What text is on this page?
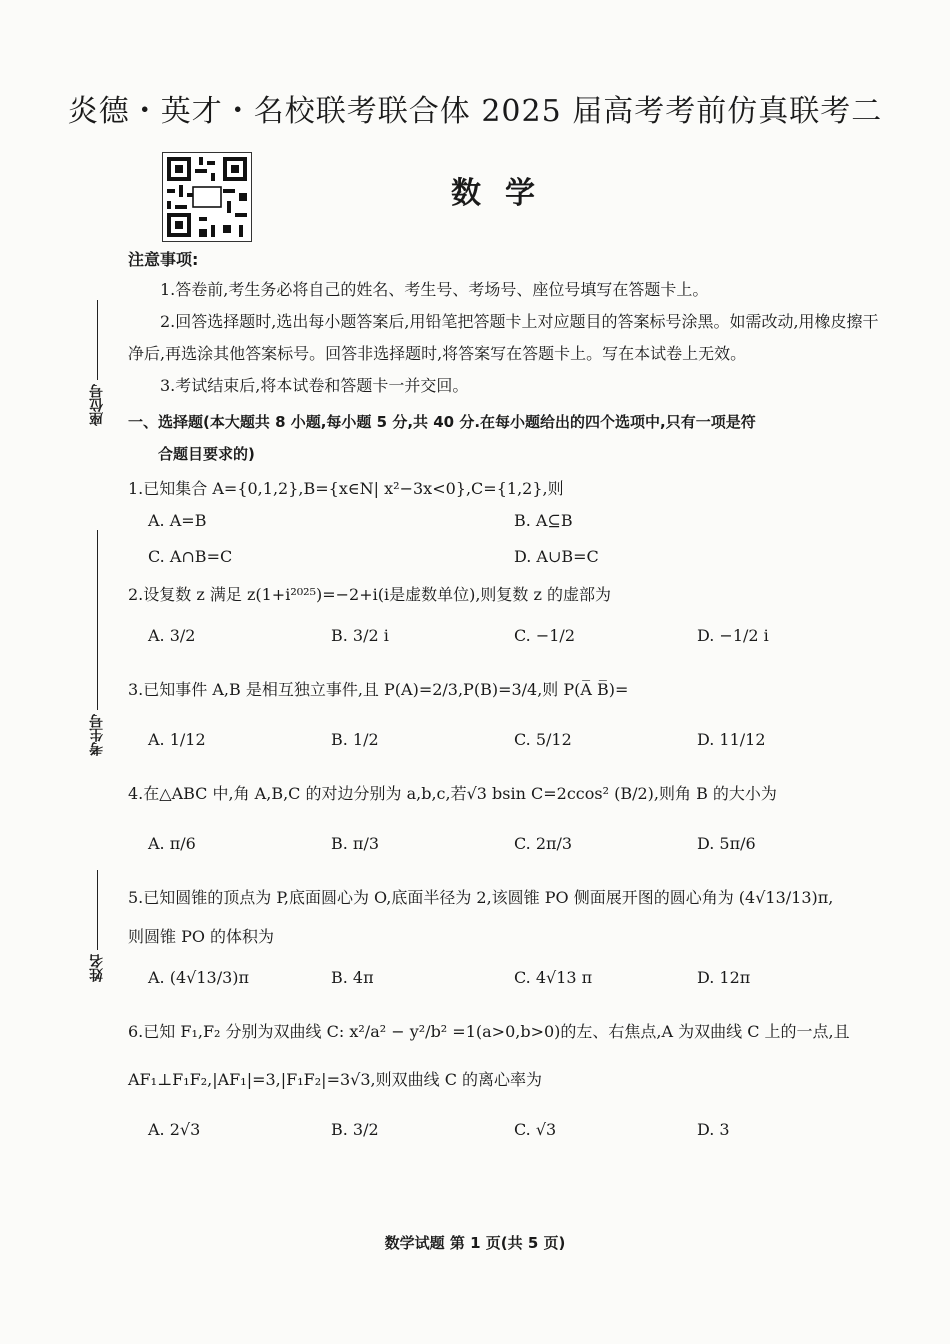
炎德・英才・名校联考联合体 2025 届高考考前仿真联考二
数学
座位号
考生号
姓名
注意事项:
1.答卷前,考生务必将自己的姓名、考生号、考场号、座位号填写在答题卡上。
2.回答选择题时,选出每小题答案后,用铅笔把答题卡上对应题目的答案标号涂黑。如需改动,用橡皮擦干净后,再选涂其他答案标号。回答非选择题时,将答案写在答题卡上。写在本试卷上无效。
3.考试结束后,将本试卷和答题卡一并交回。
一、选择题(本大题共 8 小题,每小题 5 分,共 40 分.在每小题给出的四个选项中,只有一项是符
合题目要求的)
1.已知集合 A={0,1,2},B={x∈N| x²−3x<0},C={1,2},则
A. A=B	B. A⊆B
C. A∩B=C	D. A∪B=C
2.设复数 z 满足 z(1+i²⁰²⁵)=−2+i(i是虚数单位),则复数 z 的虚部为
A. 3/2	B. 3/2 i	C. −1/2	D. −1/2 i
3.已知事件 A,B 是相互独立事件,且 P(A)=2/3,P(B)=3/4,则 P(A̅ B̅)=
A. 1/12	B. 1/2	C. 5/12	D. 11/12
4.在△ABC 中,角 A,B,C 的对边分别为 a,b,c,若√3 bsin C=2ccos² (B/2),则角 B 的大小为
A. π/6	B. π/3	C. 2π/3	D. 5π/6
5.已知圆锥的顶点为 P,底面圆心为 O,底面半径为 2,该圆锥 PO 侧面展开图的圆心角为 (4√13/13)π,
则圆锥 PO 的体积为
A. (4√13/3)π	B. 4π	C. 4√13 π	D. 12π
6.已知 F₁,F₂ 分别为双曲线 C: x²/a² − y²/b² =1(a>0,b>0)的左、右焦点,A 为双曲线 C 上的一点,且
AF₁⊥F₁F₂,|AF₁|=3,|F₁F₂|=3√3,则双曲线 C 的离心率为
A. 2√3	B. 3/2	C. √3	D. 3
数学试题 第 1 页(共 5 页)
